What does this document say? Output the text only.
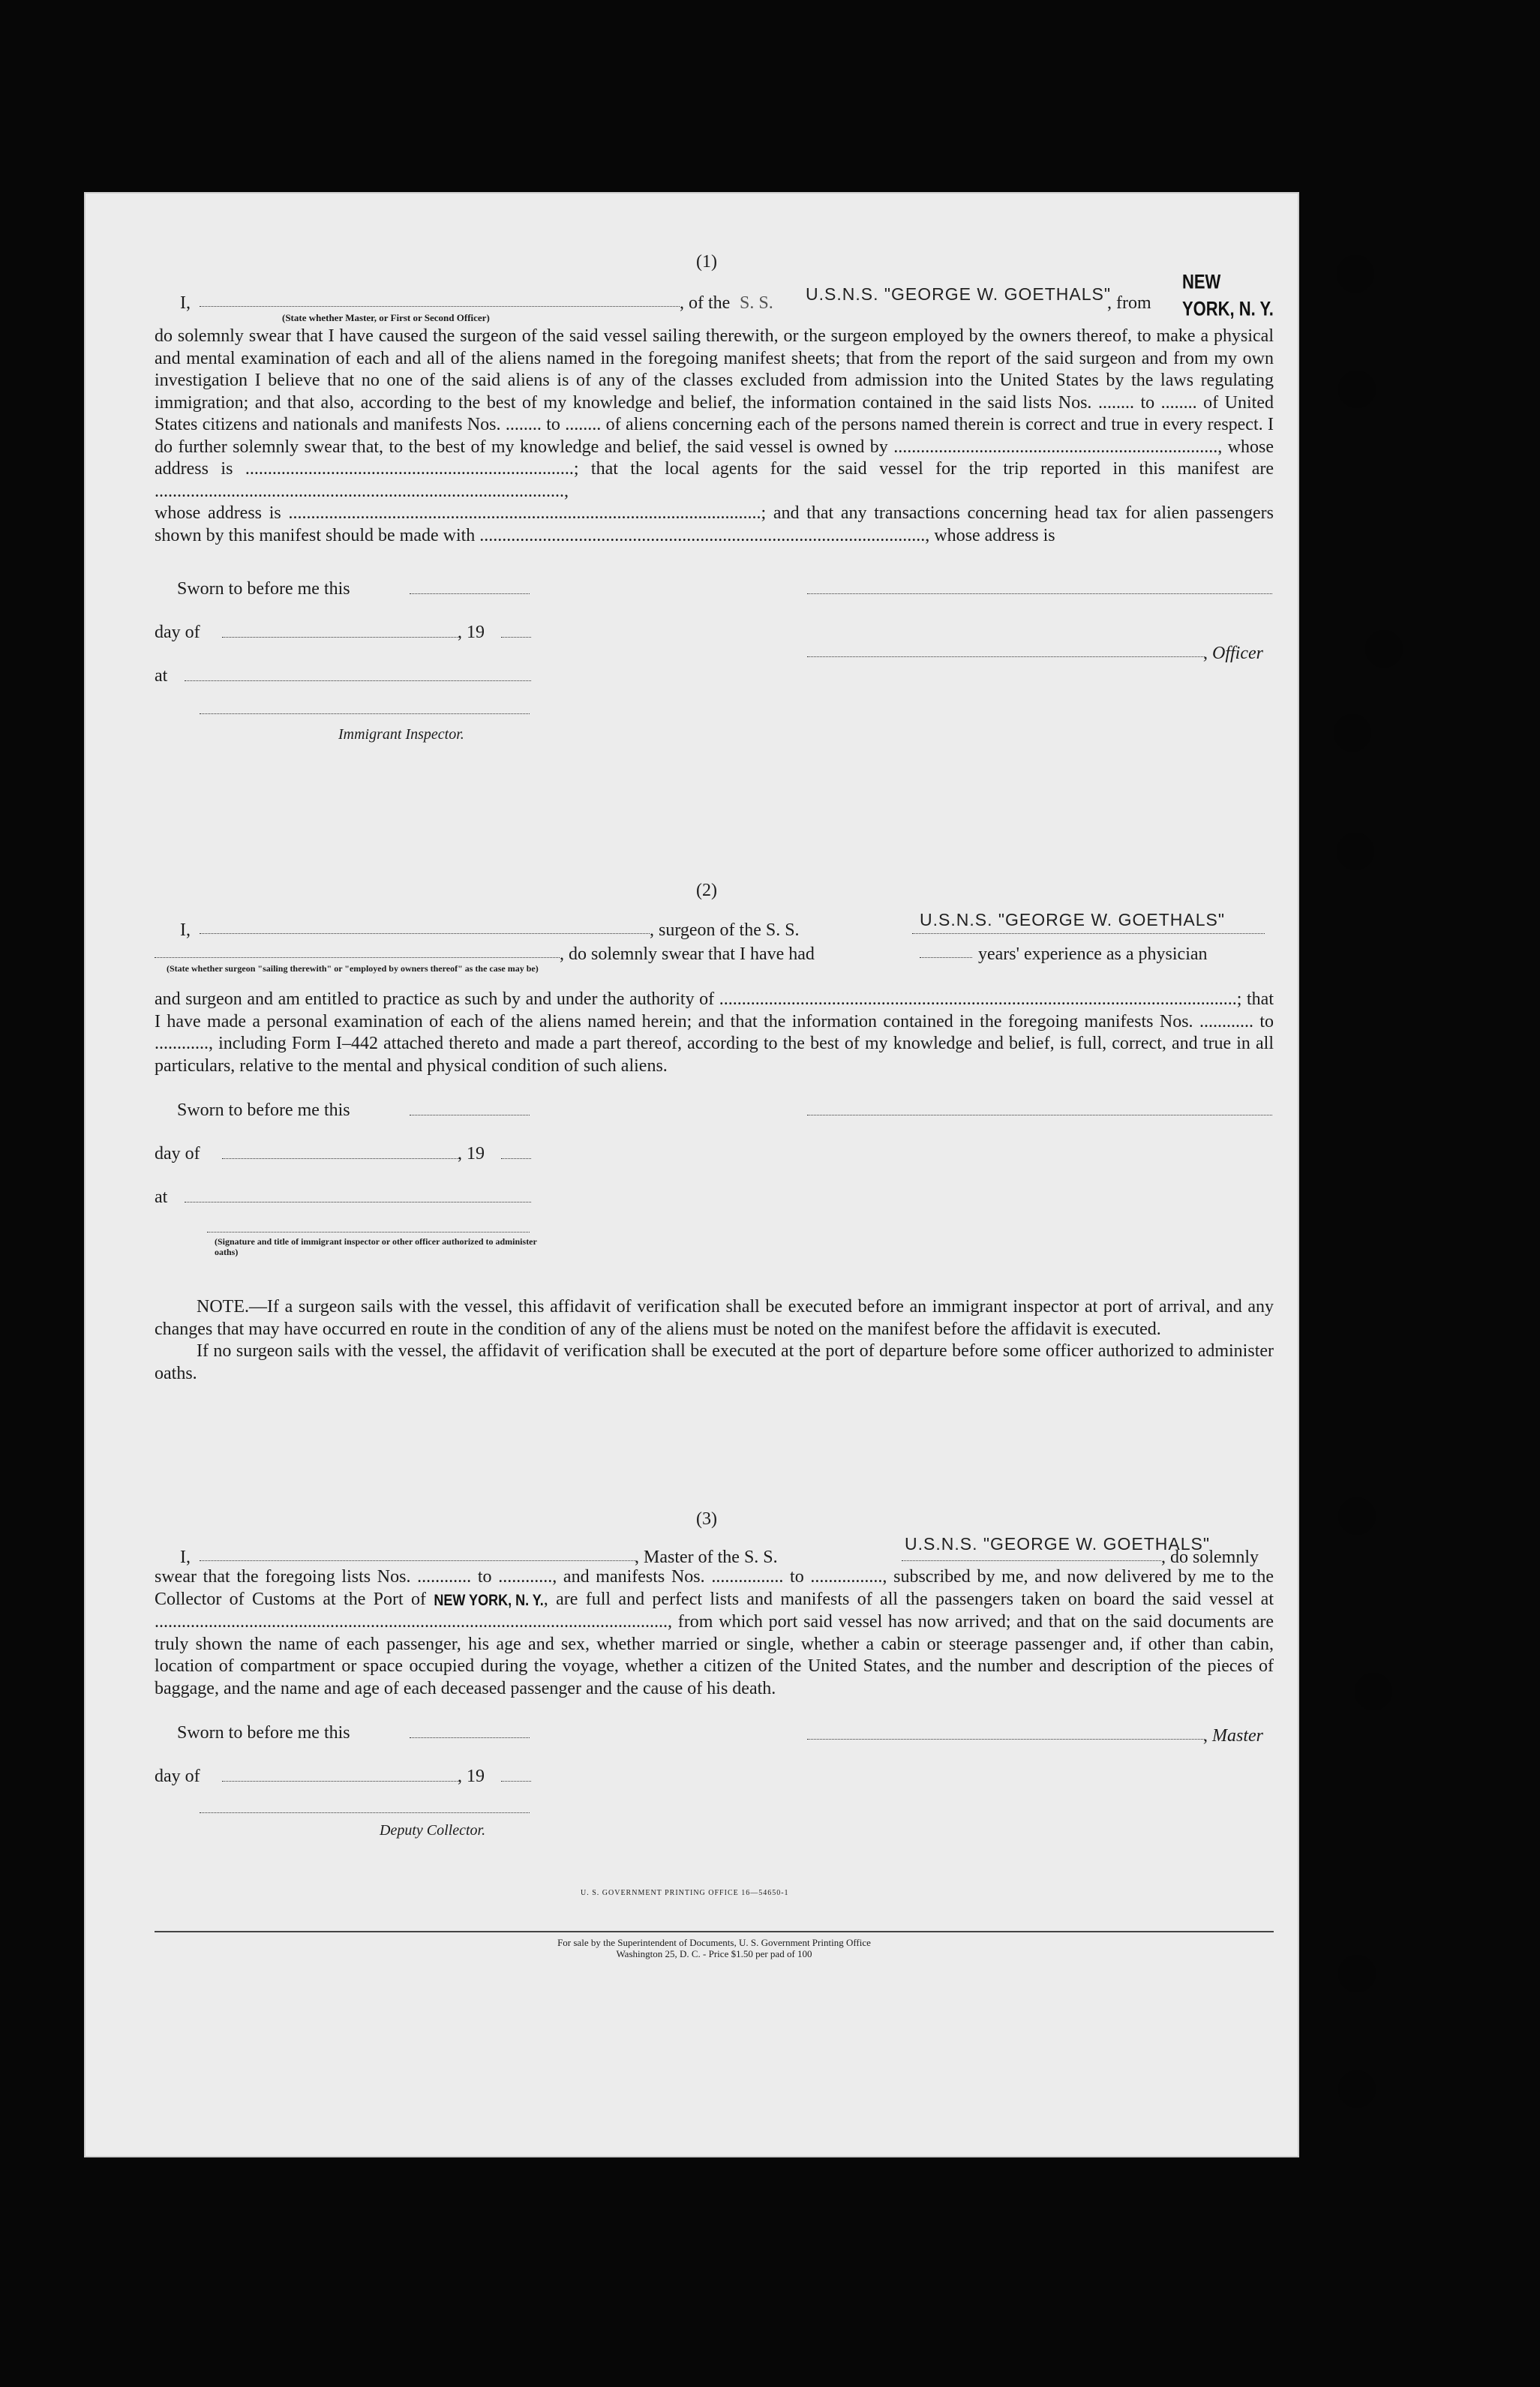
(1)
I,	, of the S. S. U.S.N.S. "GEORGE W. GOETHALS"
, from
NEW YORK, N. Y.
(State whether Master, or First or Second Officer)

do solemnly swear that I have caused the surgeon of the said vessel sailing therewith, or the surgeon employed by the owners thereof, to make a physical and mental examination of each and all of the aliens named in the foregoing manifest sheets; that from the report of the said surgeon and from my own investigation I believe that no one of the said aliens is of any of the classes excluded from admission into the United States by the laws regulating immigration; and that also, according to the best of my knowledge and belief, the information contained in the said lists Nos. ........ to ........ of United States citizens and nationals and manifests Nos. ........ to ........ of aliens concerning each of the persons named therein is correct and true in every respect. I do further solemnly swear that, to the best of my knowledge and belief, the said vessel is owned by ........................................................................, whose address is .........................................................................; that the local agents for the said vessel for the trip reported in this manifest are ...........................................................................................,

whose address is .........................................................................................................; and that any transactions concerning head tax for alien passengers shown by this manifest should be made with ..................................................................................................., whose address is

Sworn to before me this
day of	, 19
, Officer
at
Immigrant Inspector.
(2)
I,	, surgeon of the S. S.
U.S.N.S. "GEORGE W. GOETHALS"
, do solemnly swear that I have had	years' experience as a physician
(State whether surgeon "sailing therewith" or "employed by owners thereof" as the case may be)

and surgeon and am entitled to practice as such by and under the authority of ...................................................................................................................; that I have made a personal examination of each of the aliens named herein; and that the information contained in the foregoing manifests Nos. ............ to ............, including Form I–442 attached thereto and made a part thereof, according to the best of my knowledge and belief, is full, correct, and true in all particulars, relative to the mental and physical condition of such aliens.

Sworn to before me this
day of	, 19
at
(Signature and title of immigrant inspector or other officer authorized to administer oaths)

NOTE.—If a surgeon sails with the vessel, this affidavit of verification shall be executed before an immigrant inspector at port of arrival, and any changes that may have occurred en route in the condition of any of the aliens must be noted on the manifest before the affidavit is executed.

If no surgeon sails with the vessel, the affidavit of verification shall be executed at the port of departure before some officer authorized to administer oaths.

(3)
I,	, Master of the S. S.
U.S.N.S. "GEORGE W. GOETHALS"
, do solemnly

swear that the foregoing lists Nos. ............ to ............, and manifests Nos. ................ to ................, subscribed by me, and now delivered by me to the Collector of Customs at the Port of NEW YORK, N. Y., are full and perfect lists and manifests of all the passengers taken on board the said vessel at .................................................................................................................., from which port said vessel has now arrived; and that on the said documents are truly shown the name of each passenger, his age and sex, whether married or single, whether a cabin or steerage passenger and, if other than cabin, location of compartment or space occupied during the voyage, whether a citizen of the United States, and the number and description of the pieces of baggage, and the name and age of each deceased passenger and the cause of his death.

Sworn to before me this	, Master
day of	, 19
Deputy Collector.
U. S. GOVERNMENT PRINTING OFFICE 16—54650-1
For sale by the Superintendent of Documents, U. S. Government Printing Office
Washington 25, D. C. - Price $1.50 per pad of 100
